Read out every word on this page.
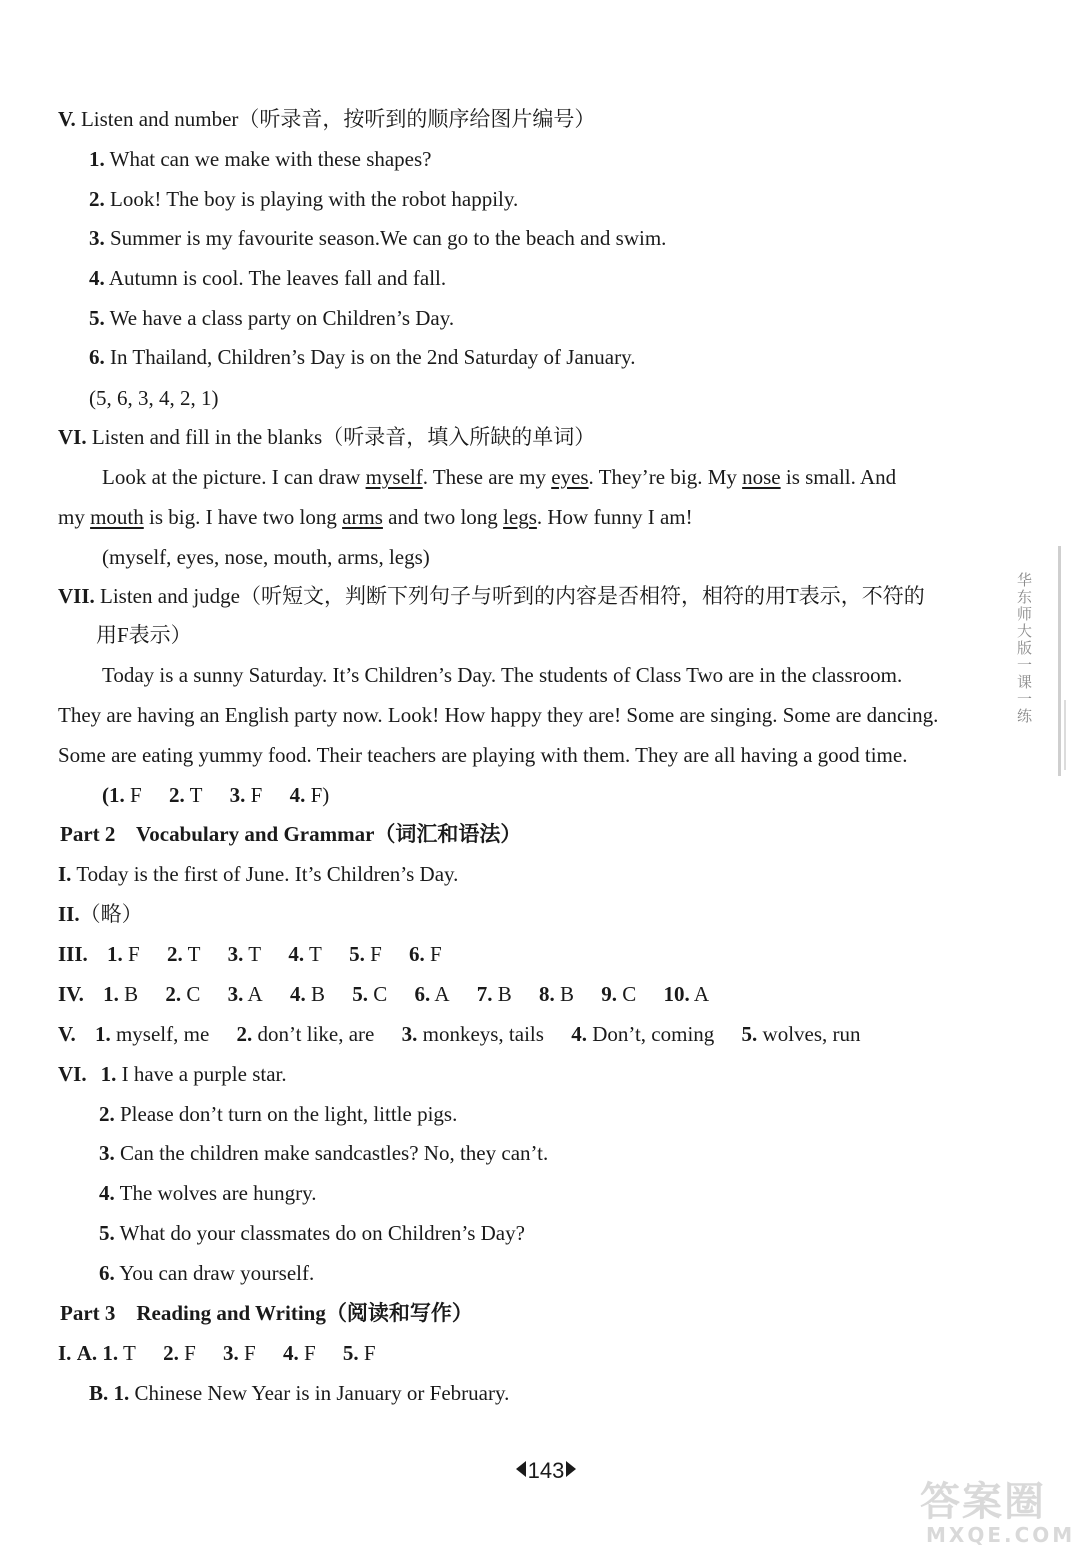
V. Listen and number（听录音，按听到的顺序给图片编号）
1. What can we make with these shapes?
2. Look! The boy is playing with the robot happily.
3. Summer is my favourite season.We can go to the beach and swim.
4. Autumn is cool. The leaves fall and fall.
5. We have a class party on Children’s Day.
6. In Thailand, Children’s Day is on the 2nd Saturday of January.
(5, 6, 3, 4, 2, 1)
VI. Listen and fill in the blanks（听录音，填入所缺的单词）
Look at the picture. I can draw myself. These are my eyes. They’re big. My nose is small. And
my mouth is big. I have two long arms and two long legs. How funny I am!
(myself, eyes, nose, mouth, arms, legs)
VII. Listen and judge（听短文，判断下列句子与听到的内容是否相符，相符的用T表示，不符的
用F表示）
Today is a sunny Saturday. It’s Children’s Day. The students of Class Two are in the classroom.
They are having an English party now. Look! How happy they are! Some are singing. Some are dancing.
Some are eating yummy food. Their teachers are playing with them. They are all having a good time.
(1. F 2. T 3. F 4. F)
Part 2    Vocabulary and Grammar（词汇和语法）
I. Today is the first of June. It’s Children’s Day.
II.（略）
III. 1. F 2. T 3. T 4. T 5. F 6. F
IV. 1. B 2. C 3. A 4. B 5. C 6. A 7. B 8. B 9. C 10. A
V. 1. myself, me 2. don’t like, are 3. monkeys, tails 4. Don’t, coming 5. wolves, run
VI. 1. I have a purple star.
2. Please don’t turn on the light, little pigs.
3. Can the children make sandcastles? No, they can’t.
4. The wolves are hungry.
5. What do your classmates do on Children’s Day?
6. You can draw yourself.
Part 3    Reading and Writing（阅读和写作）
I. A. 1. T 2. F 3. F 4. F 5. F
B. 1. Chinese New Year is in January or February.
华东师大版一课一练
143
答案圈
MXQE.COM
